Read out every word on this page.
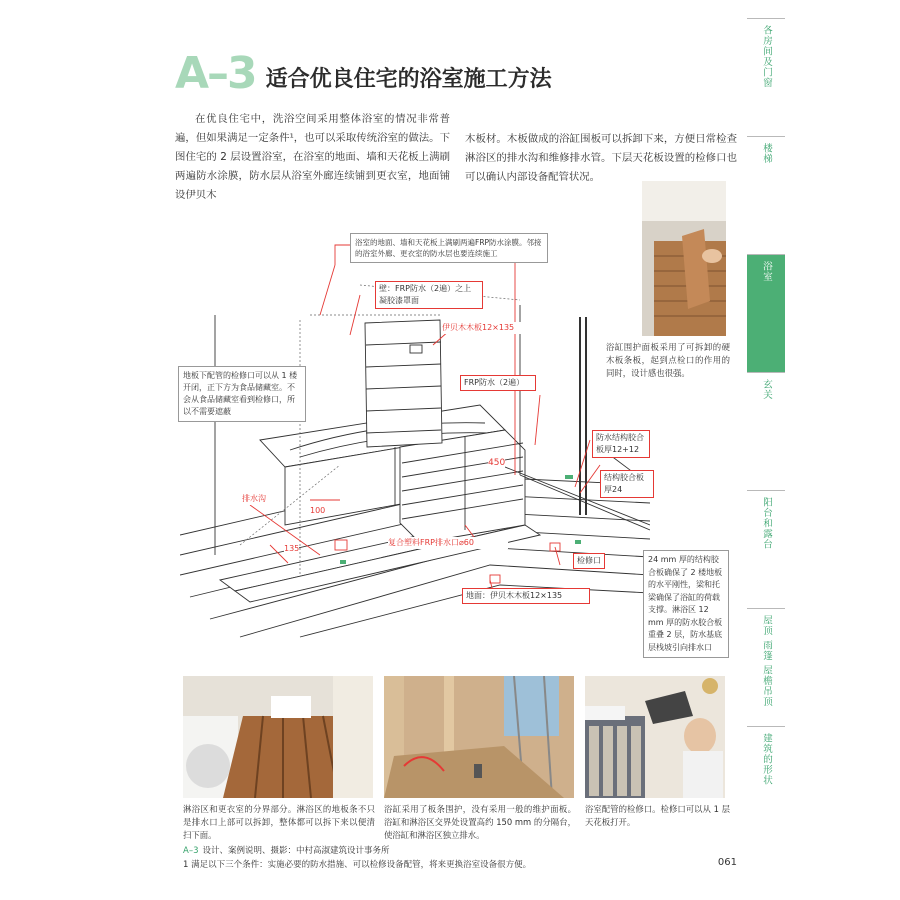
A–3 适合优良住宅的浴室施工方法
在优良住宅中，洗浴空间采用整体浴室的情况非常普遍，但如果满足一定条件¹，也可以采取传统浴室的做法。下图住宅的 2 层设置浴室，在浴室的地面、墙和天花板上满刷两遍防水涂膜，防水层从浴室外廊连续铺到更衣室，地面铺设伊贝木
木板材。木板做成的浴缸围板可以拆卸下来，方便日常检查淋浴区的排水沟和维修排水管。下层天花板设置的检修口也可以确认内部设备配管状况。
各房间及门窗
楼梯
浴室
玄关
阳台和露台
屋顶 雨篷 屋檐吊顶
建筑的形状
浴室的地面、墙和天花板上满刷两遍FRP防水涂膜。邻接的浴室外廊、更衣室的防水层也要连续施工
壁：FRP防水（2遍）之上凝胶漆罩面
伊贝木木板12×135
FRP防水（2遍）
防水结构胶合板厚12+12
结构胶合板厚24
450
100
135
排水沟
复合塑料FRP排水口⌀60
检修口
地面：伊贝木木板12×135
地板下配管的检修口可以从 1 楼开闭，正下方为食品储藏室。不会从食品储藏室看到检修口，所以不需要遮蔽
24 mm 厚的结构胶合板确保了 2 楼地板的水平刚性，梁和托梁确保了浴缸的荷载支撑。淋浴区 12 mm 厚的防水胶合板重叠 2 层，防水基底层栈坡引向排水口
浴缸围护面板采用了可拆卸的硬木板条板，起到点检口的作用的同时，设计感也很强。
淋浴区和更衣室的分界部分。淋浴区的地板条不只是排水口上部可以拆卸，整体都可以拆下来以便清扫下面。
浴缸采用了板条围护，没有采用一般的维护面板。浴缸和淋浴区交界处设置高约 150 mm 的分隔台，使浴缸和淋浴区独立排水。
浴室配管的检修口。检修口可以从 1 层天花板打开。
A–3 设计、案例说明、摄影：中村高淑建筑设计事务所
1 满足以下三个条件：实施必要的防水措施、可以检修设备配管，将来更换浴室设备很方便。	061
